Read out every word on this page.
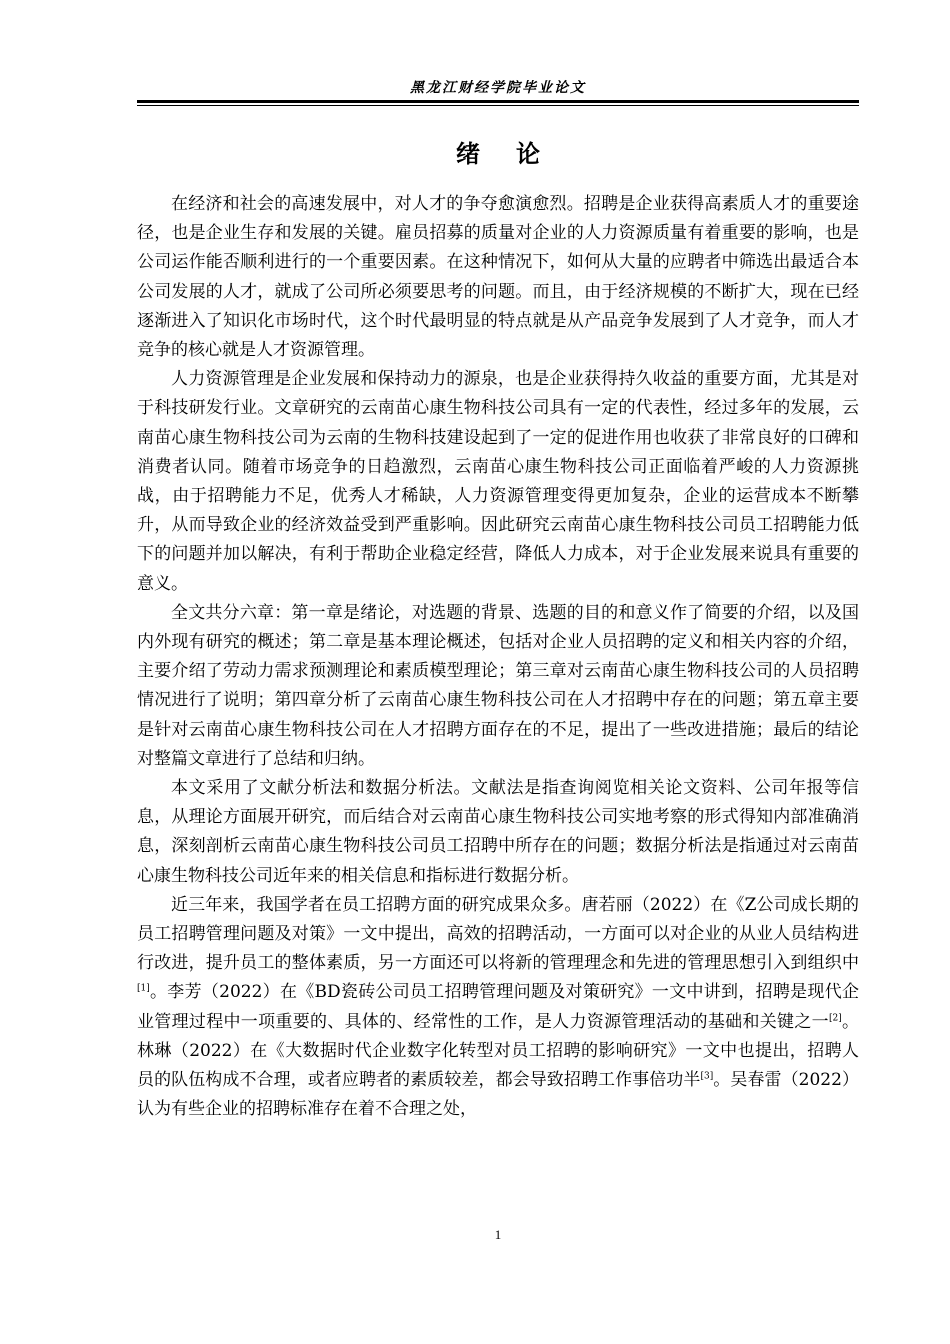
黑龙江财经学院毕业论文
绪论

在经济和社会的高速发展中，对人才的争夺愈演愈烈。招聘是企业获得高素质人才的重要途径，也是企业生存和发展的关键。雇员招募的质量对企业的人力资源质量有着重要的影响，也是公司运作能否顺利进行的一个重要因素。在这种情况下，如何从大量的应聘者中筛选出最适合本公司发展的人才，就成了公司所必须要思考的问题。而且，由于经济规模的不断扩大，现在已经逐渐进入了知识化市场时代，这个时代最明显的特点就是从产品竞争发展到了人才竞争，而人才竞争的核心就是人才资源管理。

人力资源管理是企业发展和保持动力的源泉，也是企业获得持久收益的重要方面，尤其是对于科技研发行业。文章研究的云南苗心康生物科技公司具有一定的代表性，经过多年的发展，云南苗心康生物科技公司为云南的生物科技建设起到了一定的促进作用也收获了非常良好的口碑和消费者认同。随着市场竞争的日趋激烈，云南苗心康生物科技公司正面临着严峻的人力资源挑战，由于招聘能力不足，优秀人才稀缺，人力资源管理变得更加复杂，企业的运营成本不断攀升，从而导致企业的经济效益受到严重影响。因此研究云南苗心康生物科技公司员工招聘能力低下的问题并加以解决，有利于帮助企业稳定经营，降低人力成本，对于企业发展来说具有重要的意义。

全文共分六章：第一章是绪论，对选题的背景、选题的目的和意义作了简要的介绍，以及国内外现有研究的概述；第二章是基本理论概述，包括对企业人员招聘的定义和相关内容的介绍，主要介绍了劳动力需求预测理论和素质模型理论；第三章对云南苗心康生物科技公司的人员招聘情况进行了说明；第四章分析了云南苗心康生物科技公司在人才招聘中存在的问题；第五章主要是针对云南苗心康生物科技公司在人才招聘方面存在的不足，提出了一些改进措施；最后的结论对整篇文章进行了总结和归纳。

本文采用了文献分析法和数据分析法。文献法是指查询阅览相关论文资料、公司年报等信息，从理论方面展开研究，而后结合对云南苗心康生物科技公司实地考察的形式得知内部准确消息，深刻剖析云南苗心康生物科技公司员工招聘中所存在的问题；数据分析法是指通过对云南苗心康生物科技公司近年来的相关信息和指标进行数据分析。

近三年来，我国学者在员工招聘方面的研究成果众多。唐若丽（2022）在《Z公司成长期的员工招聘管理问题及对策》一文中提出，高效的招聘活动，一方面可以对企业的从业人员结构进行改进，提升员工的整体素质，另一方面还可以将新的管理理念和先进的管理思想引入到组织中[1]。李芳（2022）在《BD瓷砖公司员工招聘管理问题及对策研究》一文中讲到，招聘是现代企业管理过程中一项重要的、具体的、经常性的工作，是人力资源管理活动的基础和关键之一[2]。林琳（2022）在《大数据时代企业数字化转型对员工招聘的影响研究》一文中也提出，招聘人员的队伍构成不合理，或者应聘者的素质较差，都会导致招聘工作事倍功半[3]。吴春雷（2022）认为有些企业的招聘标准存在着不合理之处，

1
